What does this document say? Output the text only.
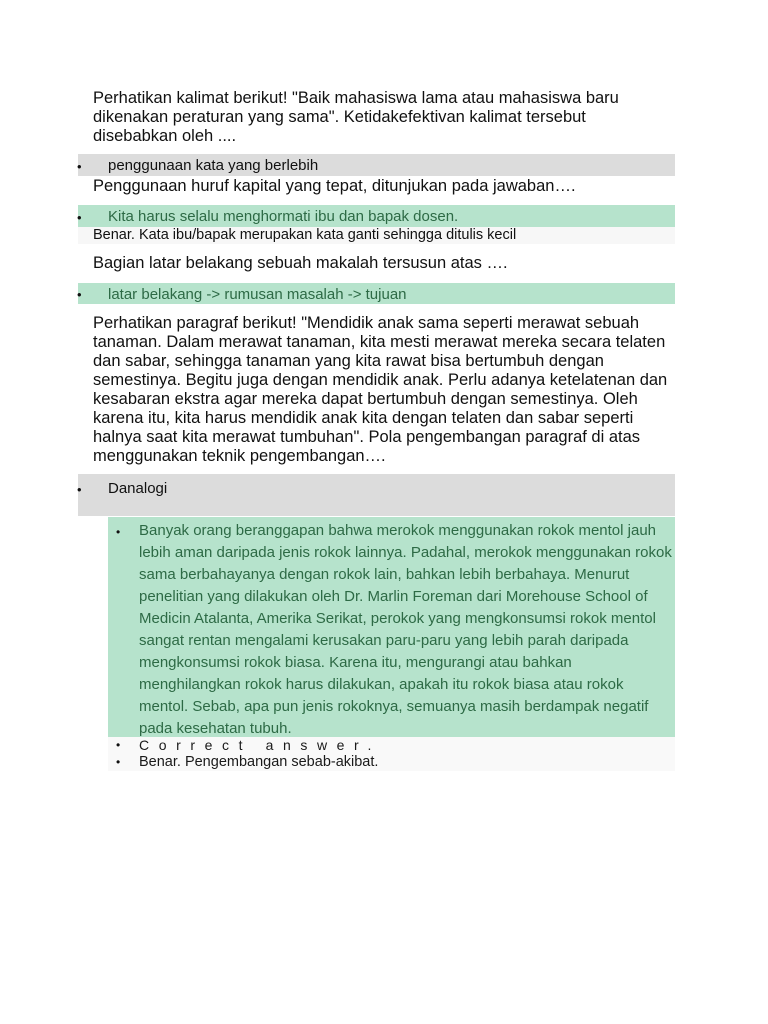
Perhatikan kalimat berikut! "Baik mahasiswa lama atau mahasiswa baru dikenakan peraturan yang sama". Ketidakefektivan kalimat tersebut disebabkan oleh ....
• penggunaan kata yang berlebih
Penggunaan huruf kapital yang tepat, ditunjukan pada jawaban….
• Kita harus selalu menghormati ibu dan bapak dosen.
Benar. Kata ibu/bapak merupakan kata ganti sehingga ditulis kecil
Bagian latar belakang sebuah makalah tersusun atas ….
• latar belakang -> rumusan masalah -> tujuan
Perhatikan paragraf berikut! "Mendidik anak sama seperti merawat sebuah tanaman. Dalam merawat tanaman, kita mesti merawat mereka secara telaten dan sabar, sehingga tanaman yang kita rawat bisa bertumbuh dengan semestinya. Begitu juga dengan mendidik anak. Perlu adanya ketelatenan dan kesabaran ekstra agar mereka dapat bertumbuh dengan semestinya. Oleh karena itu, kita harus mendidik anak kita dengan telaten dan sabar seperti halnya saat kita merawat tumbuhan". Pola pengembangan paragraf di atas menggunakan teknik pengembangan….
• Danalogi
• Banyak orang beranggapan bahwa merokok menggunakan rokok mentol jauh lebih aman daripada jenis rokok lainnya. Padahal, merokok menggunakan rokok sama berbahayanya dengan rokok lain, bahkan lebih berbahaya. Menurut penelitian yang dilakukan oleh Dr. Marlin Foreman dari Morehouse School of Medicin Atalanta, Amerika Serikat, perokok yang mengkonsumsi rokok mentol sangat rentan mengalami kerusakan paru-paru yang lebih parah daripada mengkonsumsi rokok biasa. Karena itu, mengurangi atau bahkan menghilangkan rokok harus dilakukan, apakah itu rokok biasa atau rokok mentol. Sebab, apa pun jenis rokoknya, semuanya masih berdampak negatif pada kesehatan tubuh.
• Correct answer.
• Benar. Pengembangan sebab-akibat.
